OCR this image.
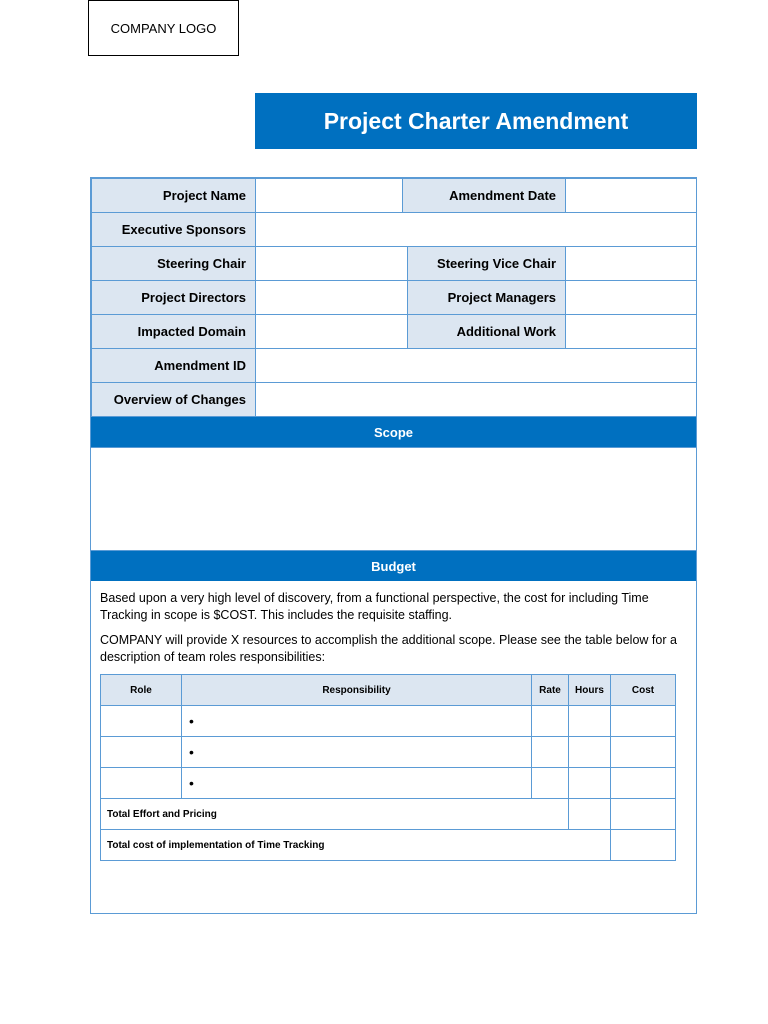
COMPANY LOGO
Project Charter Amendment
Project Name		Amendment Date		
Executive Sponsors				
Steering Chair			Steering Vice Chair	
Project Directors			Project Managers	
Impacted Domain			Additional Work	
Amendment ID				
Overview of Changes				
Scope
Budget

Based upon a very high level of discovery, from a functional perspective, the cost for including Time Tracking in scope is $COST. This includes the requisite staffing.

COMPANY will provide X resources to accomplish the additional scope. Please see the table below for a description of team roles responsibilities:

Role	Responsibility	Rate	Hours	Cost
	•			
	•			
	•			
Total Effort and Pricing				
Total cost of implementation of Time Tracking				
